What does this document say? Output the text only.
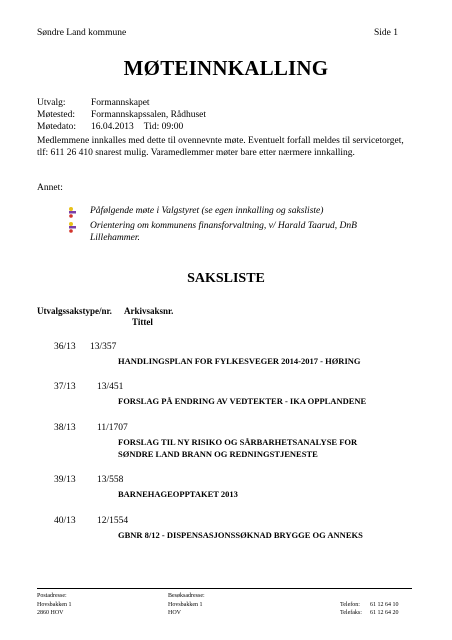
Søndre Land kommune	Side 1
MØTEINNKALLING
Utvalg:	Formannskapet
Møtested:	Formannskapssalen, Rådhuset
Møtedato:	16.04.2013 Tid:
09:00
Medlemmene innkalles med dette til ovennevnte møte. Eventuelt forfall meldes til servicetorget, tlf: 611 26 410 snarest mulig. Varamedlemmer møter bare etter nærmere innkalling.
Annet:
Påfølgende møte i Valgstyret (se egen innkalling og saksliste)
Orientering om kommunens finansforvaltning, v/ Harald Taarud, DnB Lillehammer.
SAKSLISTE
Utvalgssakstype/nr. Arkivsaksnr.
Tittel
36/13 13/357
HANDLINGSPLAN FOR FYLKESVEGER 2014-2017 - HØRING
37/13 13/451
FORSLAG PÅ ENDRING AV VEDTEKTER - IKA OPPLANDENE
38/13 11/1707
FORSLAG TIL NY RISIKO OG SÅRBARHETSANALYSE FOR SØNDRE LAND BRANN OG REDNINGSTJENESTE
39/13 13/558
BARNEHAGEOPPTAKET 2013
40/13 12/1554
GBNR 8/12 - DISPENSASJONSSØKNAD BRYGGE OG ANNEKS
Postadresse:
Hovsbakken 1
2860 HOV
Besøksadresse:
Hovsbakken 1
HOV

Telefon:	61 12 64 10
Telefaks:	61 12 64 20
